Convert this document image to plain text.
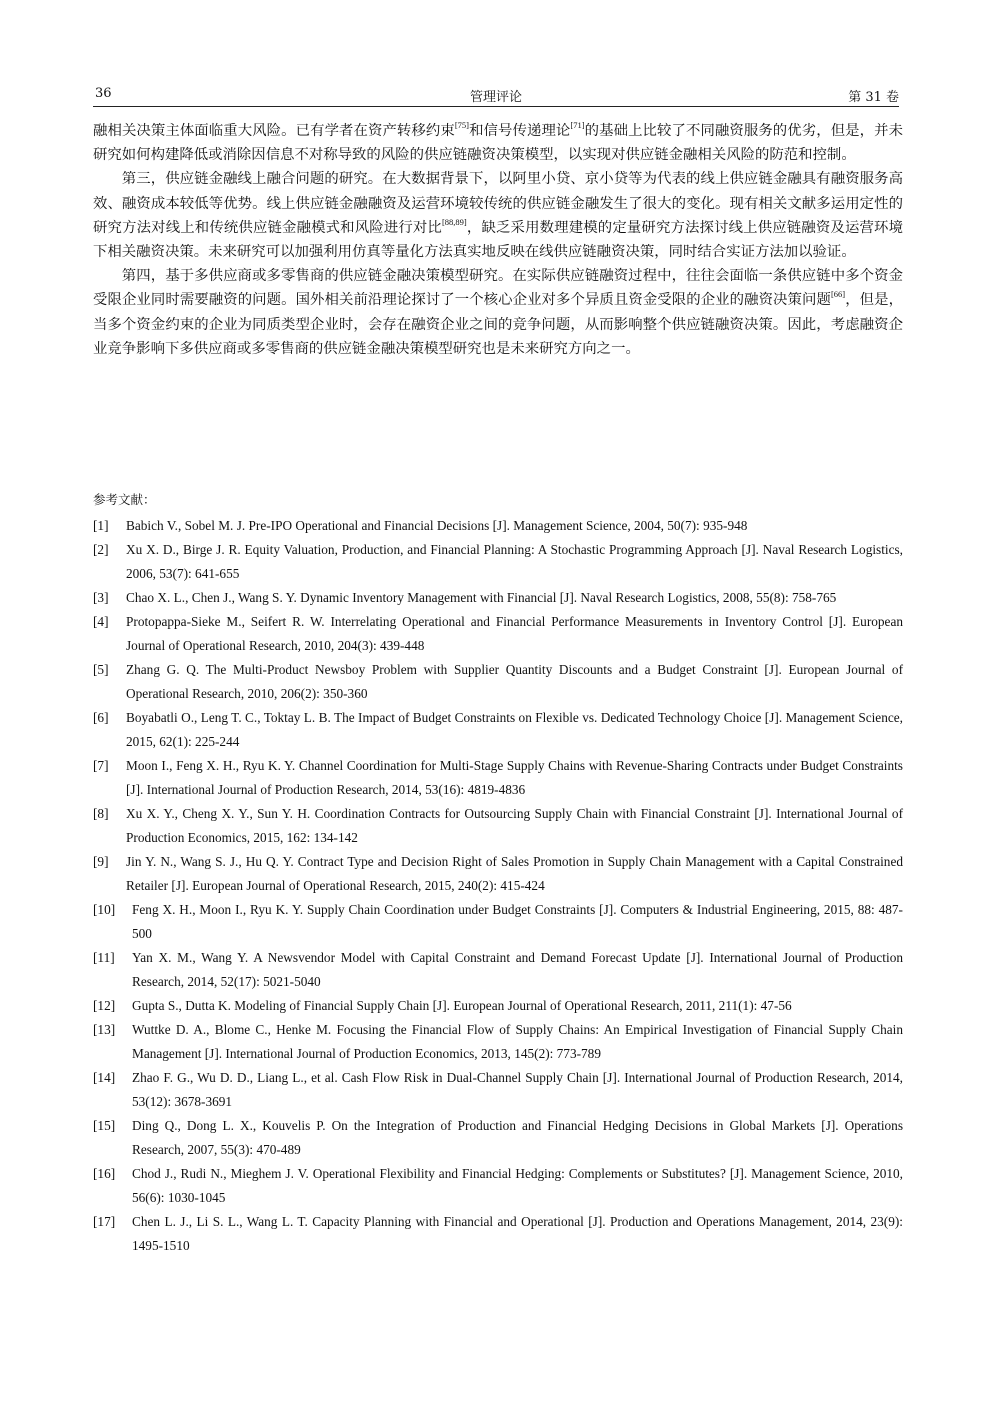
36	管理评论	第 31 卷

融相关决策主体面临重大风险。已有学者在资产转移约束[75]和信号传递理论[71]的基础上比较了不同融资服务的优劣，但是，并未研究如何构建降低或消除因信息不对称导致的风险的供应链融资决策模型，以实现对供应链金融相关风险的防范和控制。

第三，供应链金融线上融合问题的研究。在大数据背景下，以阿里小贷、京小贷等为代表的线上供应链金融具有融资服务高效、融资成本较低等优势。线上供应链金融融资及运营环境较传统的供应链金融发生了很大的变化。现有相关文献多运用定性的研究方法对线上和传统供应链金融模式和风险进行对比[88,89]，缺乏采用数理建模的定量研究方法探讨线上供应链融资及运营环境下相关融资决策。未来研究可以加强利用仿真等量化方法真实地反映在线供应链融资决策，同时结合实证方法加以验证。

第四，基于多供应商或多零售商的供应链金融决策模型研究。在实际供应链融资过程中，往往会面临一条供应链中多个资金受限企业同时需要融资的问题。国外相关前沿理论探讨了一个核心企业对多个异质且资金受限的企业的融资决策问题[66]，但是，当多个资金约束的企业为同质类型企业时，会存在融资企业之间的竞争问题，从而影响整个供应链融资决策。因此，考虑融资企业竞争影响下多供应商或多零售商的供应链金融决策模型研究也是未来研究方向之一。

参考文献：
[1] Babich V., Sobel M. J. Pre-IPO Operational and Financial Decisions [J]. Management Science, 2004, 50(7): 935-948
[2] Xu X. D., Birge J. R. Equity Valuation, Production, and Financial Planning: A Stochastic Programming Approach [J]. Naval Research Logistics, 2006, 53(7): 641-655
[3] Chao X. L., Chen J., Wang S. Y. Dynamic Inventory Management with Financial [J]. Naval Research Logistics, 2008, 55(8): 758-765
[4] Protopappa-Sieke M., Seifert R. W. Interrelating Operational and Financial Performance Measurements in Inventory Control [J]. European Journal of Operational Research, 2010, 204(3): 439-448
[5] Zhang G. Q. The Multi-Product Newsboy Problem with Supplier Quantity Discounts and a Budget Constraint [J]. European Journal of Operational Research, 2010, 206(2): 350-360
[6] Boyabatli O., Leng T. C., Toktay L. B. The Impact of Budget Constraints on Flexible vs. Dedicated Technology Choice [J]. Management Science, 2015, 62(1): 225-244
[7] Moon I., Feng X. H., Ryu K. Y. Channel Coordination for Multi-Stage Supply Chains with Revenue-Sharing Contracts under Budget Constraints [J]. International Journal of Production Research, 2014, 53(16): 4819-4836
[8] Xu X. Y., Cheng X. Y., Sun Y. H. Coordination Contracts for Outsourcing Supply Chain with Financial Constraint [J]. International Journal of Production Economics, 2015, 162: 134-142
[9] Jin Y. N., Wang S. J., Hu Q. Y. Contract Type and Decision Right of Sales Promotion in Supply Chain Management with a Capital Constrained Retailer [J]. European Journal of Operational Research, 2015, 240(2): 415-424
[10] Feng X. H., Moon I., Ryu K. Y. Supply Chain Coordination under Budget Constraints [J]. Computers & Industrial Engineering, 2015, 88: 487-500
[11] Yan X. M., Wang Y. A Newsvendor Model with Capital Constraint and Demand Forecast Update [J]. International Journal of Production Research, 2014, 52(17): 5021-5040
[12] Gupta S., Dutta K. Modeling of Financial Supply Chain [J]. European Journal of Operational Research, 2011, 211(1): 47-56
[13] Wuttke D. A., Blome C., Henke M. Focusing the Financial Flow of Supply Chains: An Empirical Investigation of Financial Supply Chain Management [J]. International Journal of Production Economics, 2013, 145(2): 773-789
[14] Zhao F. G., Wu D. D., Liang L., et al. Cash Flow Risk in Dual-Channel Supply Chain [J]. International Journal of Production Research, 2014, 53(12): 3678-3691
[15] Ding Q., Dong L. X., Kouvelis P. On the Integration of Production and Financial Hedging Decisions in Global Markets [J]. Operations Research, 2007, 55(3): 470-489
[16] Chod J., Rudi N., Mieghem J. V. Operational Flexibility and Financial Hedging: Complements or Substitutes? [J]. Management Science, 2010, 56(6): 1030-1045
[17] Chen L. J., Li S. L., Wang L. T. Capacity Planning with Financial and Operational [J]. Production and Operations Management, 2014, 23(9): 1495-1510
